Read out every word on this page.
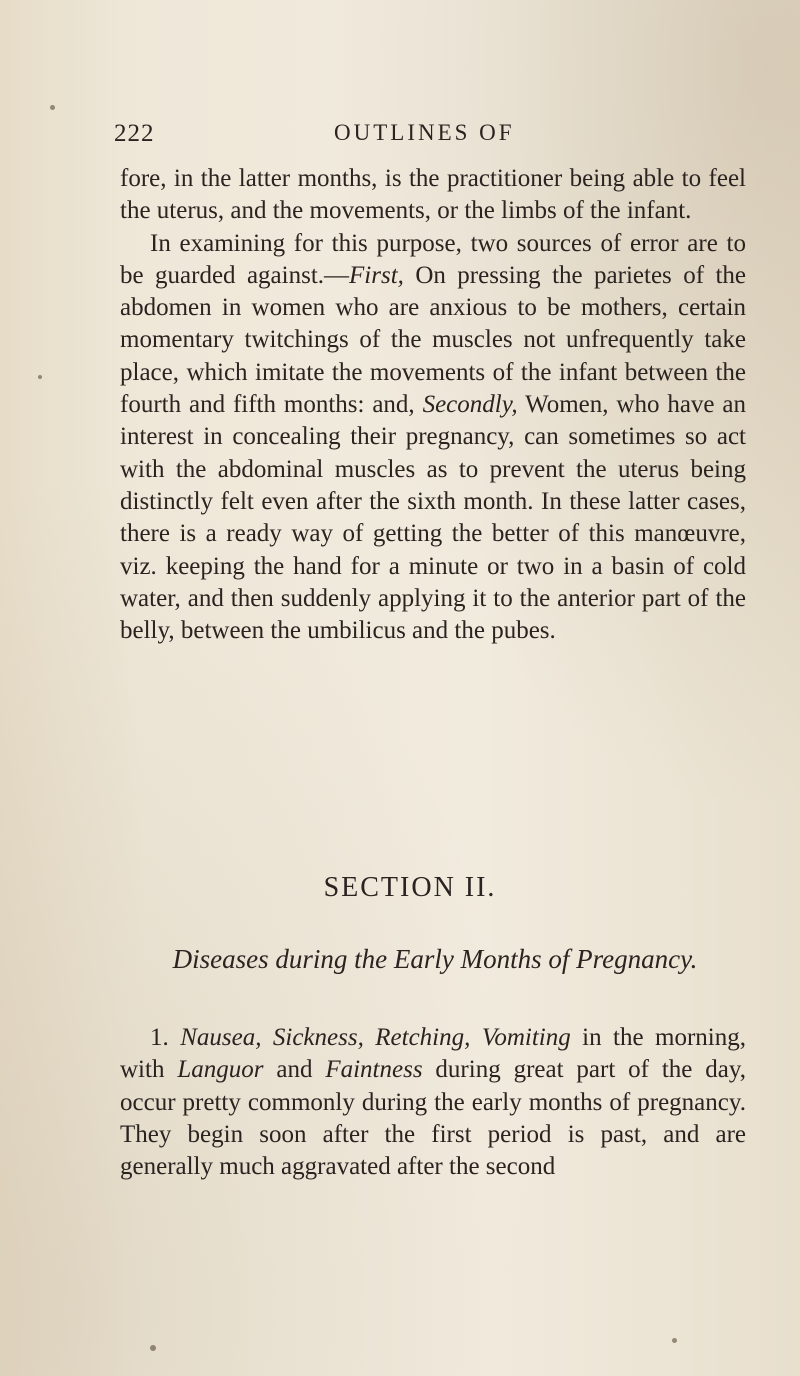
222	OUTLINES OF

fore, in the latter months, is the practitioner being able to feel the uterus, and the movements, or the limbs of the infant.

In examining for this purpose, two sources of error are to be guarded against.—First, On pressing the parietes of the abdomen in women who are anxious to be mothers, certain momentary twitchings of the muscles not unfrequently take place, which imitate the movements of the infant between the fourth and fifth months: and, Secondly, Women, who have an interest in concealing their pregnancy, can sometimes so act with the abdominal muscles as to prevent the uterus being distinctly felt even after the sixth month. In these latter cases, there is a ready way of getting the better of this manœuvre, viz. keeping the hand for a minute or two in a basin of cold water, and then suddenly applying it to the anterior part of the belly, between the umbilicus and the pubes.

SECTION II.
Diseases during the Early Months of Pregnancy.

1. Nausea, Sickness, Retching, Vomiting in the morning, with Languor and Faintness during great part of the day, occur pretty commonly during the early months of pregnancy. They begin soon after the first period is past, and are generally much aggravated after the second
